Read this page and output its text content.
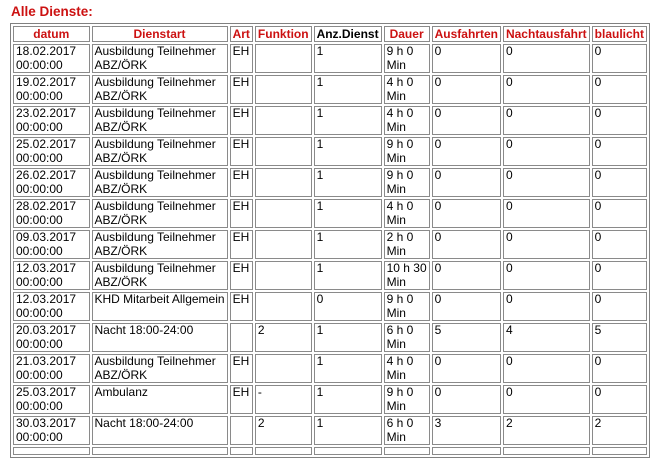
Alle Dienste:
datum	Dienstart	Art	Funktion	Anz.Dienst	Dauer	Ausfahrten	Nachtausfahrt	blaulicht

18.02.2017
00:00:00	Ausbildung Teilnehmer
ABZ/ÖRK	EH		1	9 h 0
Min	0	0	0

19.02.2017
00:00:00	Ausbildung Teilnehmer
ABZ/ÖRK	EH		1	4 h 0
Min	0	0	0

23.02.2017
00:00:00	Ausbildung Teilnehmer
ABZ/ÖRK	EH		1	4 h 0
Min	0	0	0

25.02.2017
00:00:00	Ausbildung Teilnehmer
ABZ/ÖRK	EH		1	9 h 0
Min	0	0	0

26.02.2017
00:00:00	Ausbildung Teilnehmer
ABZ/ÖRK	EH		1	9 h 0
Min	0	0	0

28.02.2017
00:00:00	Ausbildung Teilnehmer
ABZ/ÖRK	EH		1	4 h 0
Min	0	0	0

09.03.2017
00:00:00	Ausbildung Teilnehmer
ABZ/ÖRK	EH		1	2 h 0
Min	0	0	0

12.03.2017
00:00:00	Ausbildung Teilnehmer
ABZ/ÖRK	EH		1	10 h 30
Min	0	0	0

12.03.2017
00:00:00	KHD Mitarbeit Allgemein	EH		0	9 h 0
Min	0	0	0

20.03.2017
00:00:00	Nacht 18:00-24:00		2	1	6 h 0
Min	5	4	5

21.03.2017
00:00:00	Ausbildung Teilnehmer
ABZ/ÖRK	EH		1	4 h 0
Min	0	0	0

25.03.2017
00:00:00	Ambulanz	EH	-	1	9 h 0
Min	0	0	0

30.03.2017
00:00:00	Nacht 18:00-24:00		2	1	6 h 0
Min	3	2	2
